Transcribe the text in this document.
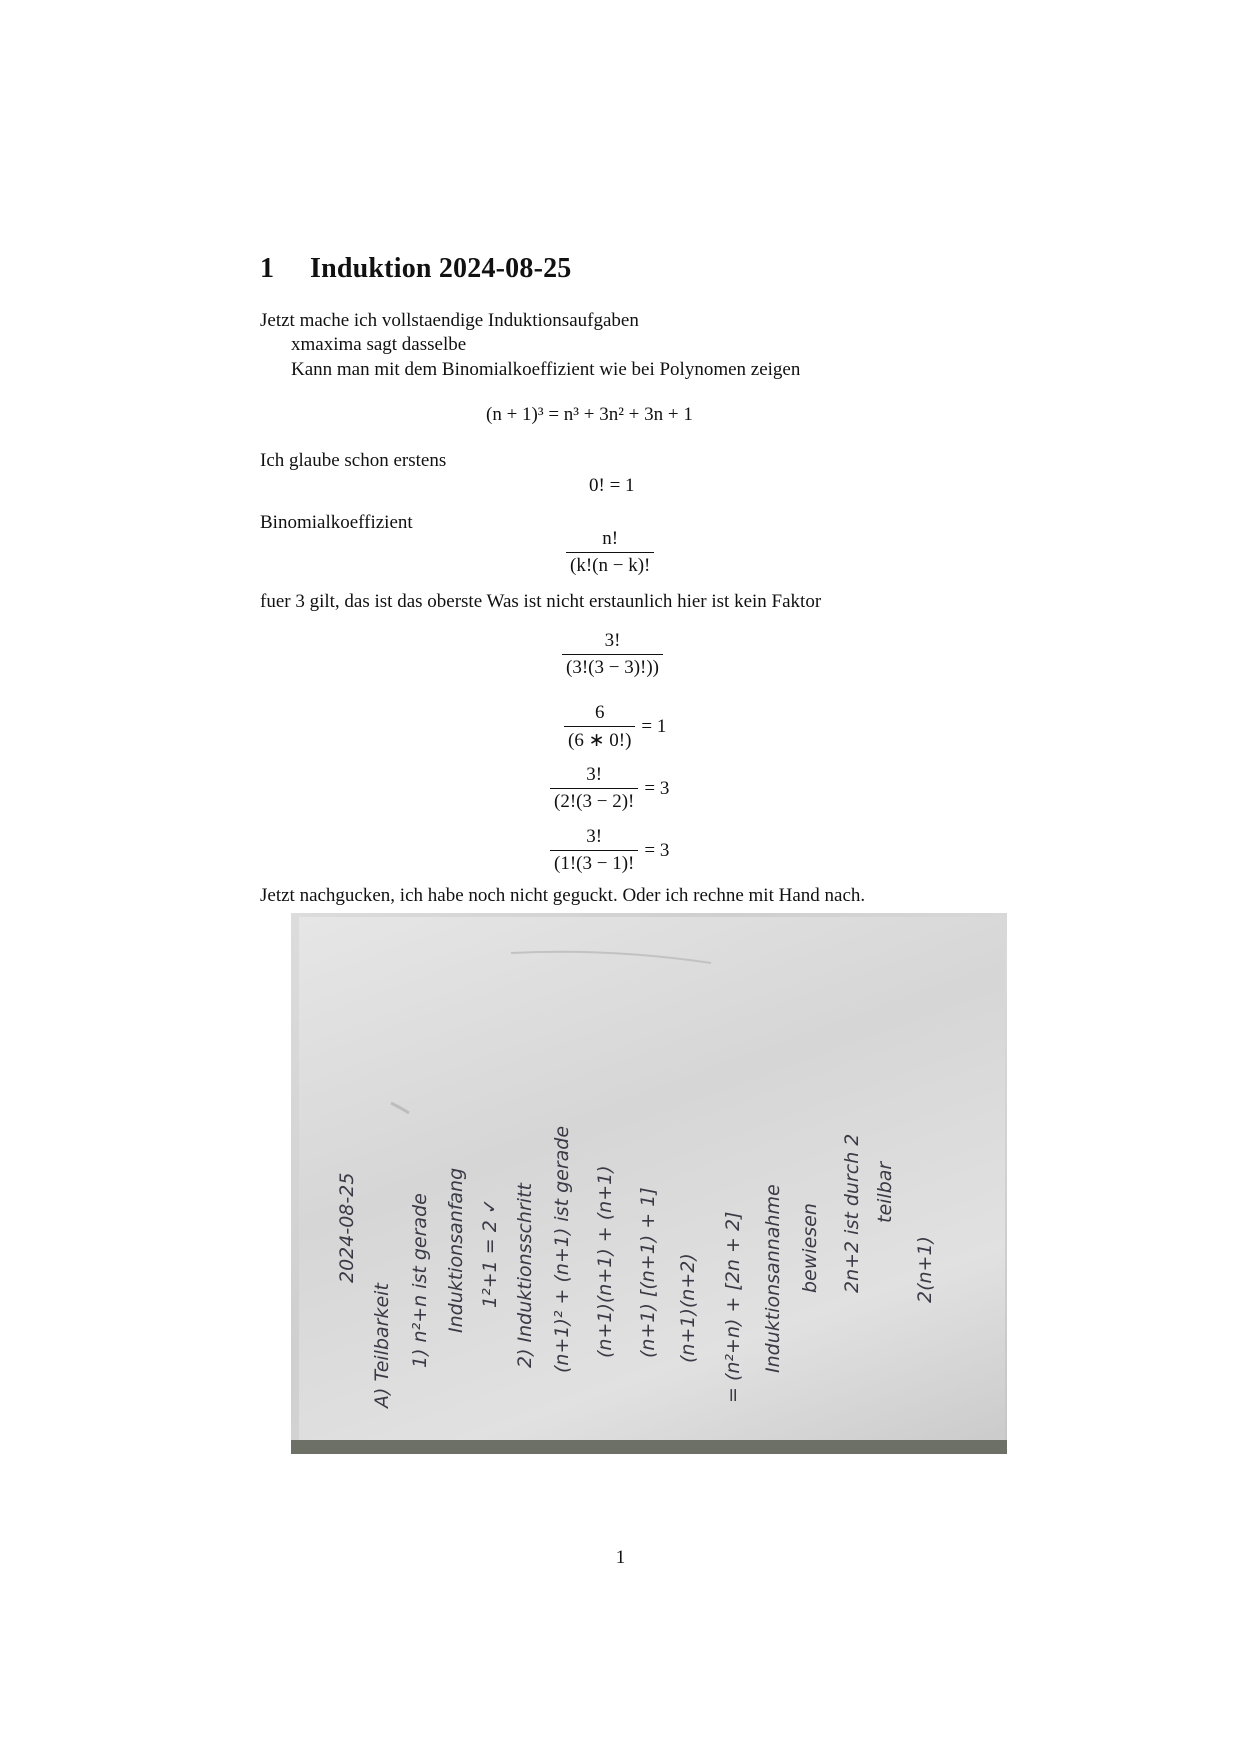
1 Induktion 2024-08-25
Jetzt mache ich vollstaendige Induktionsaufgaben
xmaxima sagt dasselbe
Kann man mit dem Binomialkoeffizient wie bei Polynomen zeigen
(n + 1)³ = n³ + 3n² + 3n + 1
Ich glaube schon erstens
0! = 1
Binomialkoeffizient
$\frac{n!}{(k!(n - k)!}$
fuer 3 gilt, das ist das oberste Was ist nicht erstaunlich hier ist kein Faktor
$\frac{3!}{(3!(3 - 3)!))}$
$\frac{6}{(6 ∗ 0!)} = 1$
$\frac{3!}{(2!(3 - 2)!} = 3$
$\frac{3!}{(1!(3 - 1)!} = 3$
Jetzt nachgucken, ich habe noch nicht geguckt. Oder ich rechne mit Hand nach.
2024-08-25
A) Teilbarkeit 1) n²+n ist gerade Induktionsanfang 1²+1 = 2 ✓ 2) Induktionsschritt (n+1)² + (n+1) ist gerade (n+1)(n+1) + (n+1) (n+1) [(n+1) + 1] (n+1)(n+2) = (n²+n) + [2n + 2] Induktionsannahme bewiesen 2n+2 ist durch 2 teilbar
2(n+1)
1
